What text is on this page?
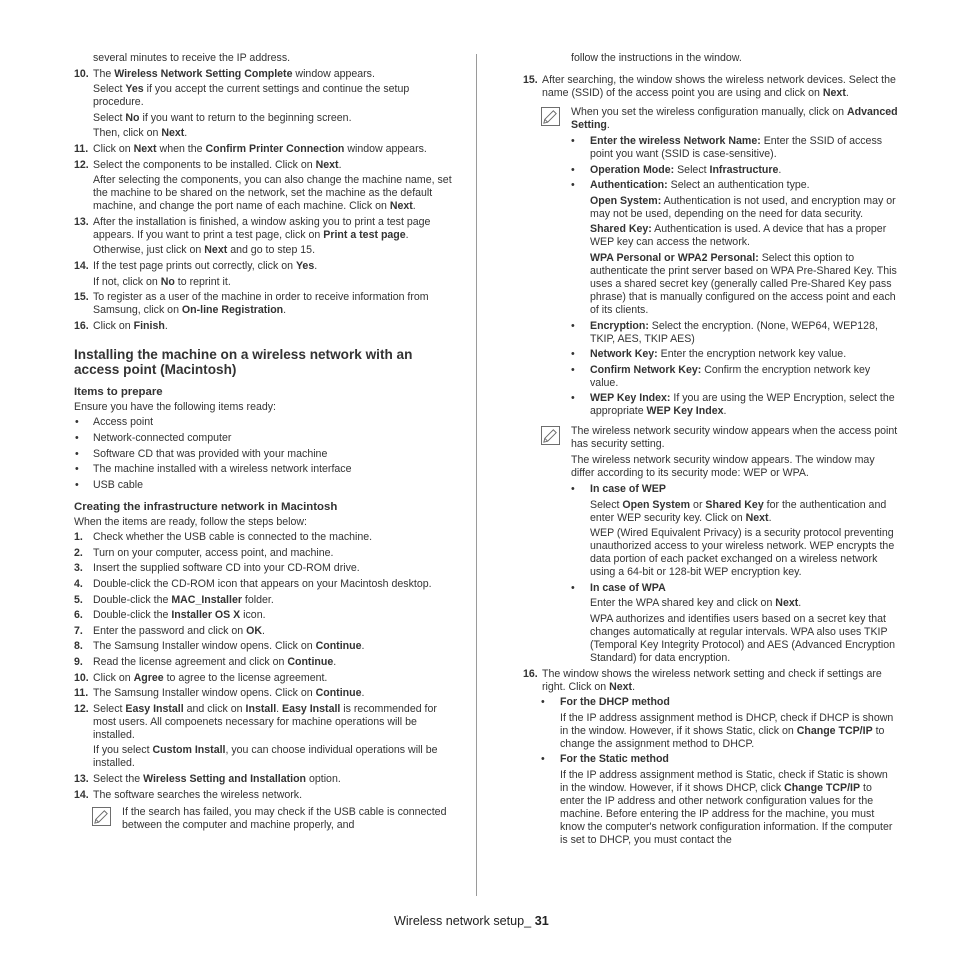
several minutes to receive the IP address.

10. The Wireless Network Setting Complete window appears.

Select Yes if you accept the current settings and continue the setup procedure.

Select No if you want to return to the beginning screen.

Then, click on Next.

11. Click on Next when the Confirm Printer Connection window appears.
12. Select the components to be installed. Click on Next.

After selecting the components, you can also change the machine name, set the machine to be shared on the network, set the machine as the default machine, and change the port name of each machine. Click on Next.

13. After the installation is finished, a window asking you to print a test page appears. If you want to print a test page, click on Print a test page.

Otherwise, just click on Next and go to step 15.

14. If the test page prints out correctly, click on Yes.

If not, click on No to reprint it.

15. To register as a user of the machine in order to receive information from Samsung, click on On-line Registration.
16. Click on Finish.
Installing the machine on a wireless network with an access point (Macintosh)
Items to prepare

Ensure you have the following items ready:

• Access point
• Network-connected computer
• Software CD that was provided with your machine
• The machine installed with a wireless network interface
• USB cable
Creating the infrastructure network in Macintosh

When the items are ready, follow the steps below:

1. Check whether the USB cable is connected to the machine.
2. Turn on your computer, access point, and machine.
3. Insert the supplied software CD into your CD-ROM drive.
4. Double-click the CD-ROM icon that appears on your Macintosh desktop.
5. Double-click the MAC_Installer folder.
6. Double-click the Installer OS X icon.
7. Enter the password and click on OK.
8. The Samsung Installer window opens. Click on Continue.
9. Read the license agreement and click on Continue.
10. Click on Agree to agree to the license agreement.
11. The Samsung Installer window opens. Click on Continue.
12. Select Easy Install and click on Install. Easy Install is recommended for most users. All compoenets necessary for machine operations will be installed.

If you select Custom Install, you can choose individual operations will be installed.

13. Select the Wireless Setting and Installation option.
14. The software searches the wireless network.
If the search has failed, you may check if the USB cable is connected between the computer and machine properly, and

follow the instructions in the window.

15. After searching, the window shows the wireless network devices. Select the name (SSID) of the access point you are using and click on Next.
When you set the wireless configuration manually, click on Advanced Setting.
• Enter the wireless Network Name: Enter the SSID of access point you want (SSID is case-sensitive).
• Operation Mode: Select Infrastructure.
• Authentication: Select an authentication type.

Open System: Authentication is not used, and encryption may or may not be used, depending on the need for data security.

Shared Key: Authentication is used. A device that has a proper WEP key can access the network.

WPA Personal or WPA2 Personal: Select this option to authenticate the print server based on WPA Pre-Shared Key. This uses a shared secret key (generally called Pre-Shared Key pass phrase) that is manually configured on the access point and each of its clients.

• Encryption: Select the encryption. (None, WEP64, WEP128, TKIP, AES, TKIP AES)
• Network Key: Enter the encryption network key value.
• Confirm Network Key: Confirm the encryption network key value.
• WEP Key Index: If you are using the WEP Encryption, select the appropriate WEP Key Index.
The wireless network security window appears when the access point has security setting.

The wireless network security window appears. The window may differ according to its security mode: WEP or WPA.

• In case of WEP

Select Open System or Shared Key for the authentication and enter WEP security key. Click on Next.

WEP (Wired Equivalent Privacy) is a security protocol preventing unauthorized access to your wireless network. WEP encrypts the data portion of each packet exchanged on a wireless network using a 64-bit or 128-bit WEP encryption key.

• In case of WPA

Enter the WPA shared key and click on Next.

WPA authorizes and identifies users based on a secret key that changes automatically at regular intervals. WPA also uses TKIP (Temporal Key Integrity Protocol) and AES (Advanced Encryption Standard) for data encryption.

16. The window shows the wireless network setting and check if settings are right. Click on Next.
• For the DHCP method

If the IP address assignment method is DHCP, check if DHCP is shown in the window. However, if it shows Static, click on Change TCP/IP to change the assignment method to DHCP.

• For the Static method

If the IP address assignment method is Static, check if Static is shown in the window. However, if it shows DHCP, click Change TCP/IP to enter the IP address and other network configuration values for the machine. Before entering the IP address for the machine, you must know the computer's network configuration information. If the computer is set to DHCP, you must contact the

Wireless network setup_ 31
